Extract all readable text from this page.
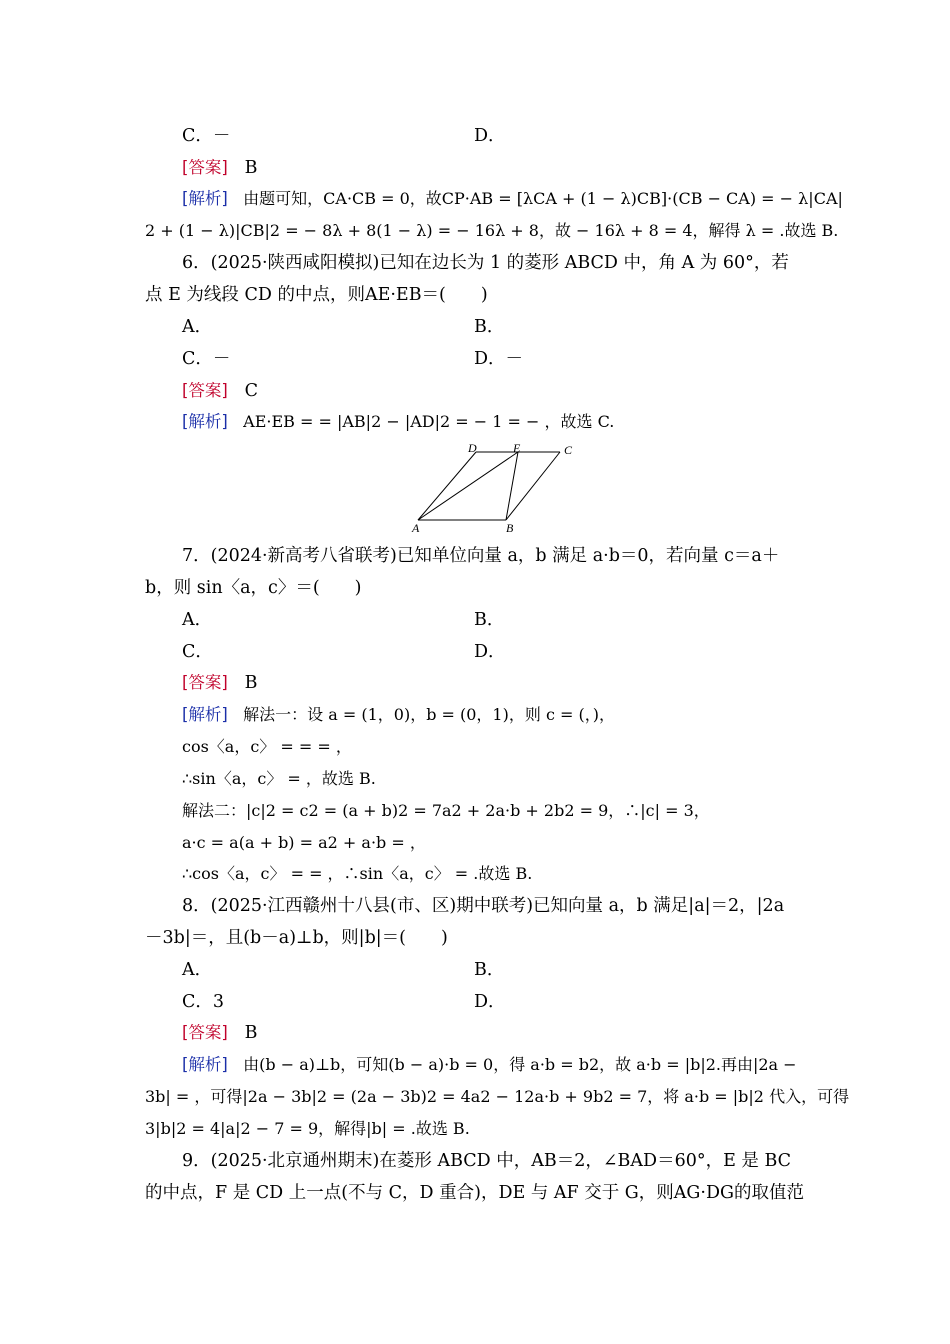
C．－	D．
[答案] B
[解析] 由题可知，CA·CB = 0，故CP·AB = [λCA + (1 − λ)CB]·(CB − CA) = − λ|CA|
2 + (1 − λ)|CB|2 = − 8λ + 8(1 − λ) = − 16λ + 8，故 − 16λ + 8 = 4，解得 λ = .故选 B.
6．(2025·陕西咸阳模拟)已知在边长为 1 的菱形 ABCD 中，角 A 为 60°，若
点 E 为线段 CD 的中点，则AE·EB＝(　　)
A．	B．
C．－	D．－
[答案] C
[解析] AE·EB = = |AB|2 − |AD|2 = − 1 = − ，故选 C.
A	B
C
D	E
7．(2024·新高考八省联考)已知单位向量 a，b 满足 a·b＝0，若向量 c＝a＋
b，则 sin〈a，c〉＝(　　)
A．	B．
C．	D．
[答案] B
[解析] 解法一：设 a = (1，0)，b = (0，1)，则 c = (，)，
cos〈a，c〉 = = = ，
∴sin〈a，c〉 = ，故选 B.
解法二：|c|2 = c2 = (a + b)2 = 7a2 + 2a·b + 2b2 = 9，∴|c| = 3，
a·c = a(a + b) = a2 + a·b = ，
∴cos〈a，c〉 = = ，∴sin〈a，c〉 = .故选 B.
8．(2025·江西赣州十八县(市、区)期中联考)已知向量 a，b 满足|a|＝2，|2a
－3b|＝，且(b－a)⊥b，则|b|＝(　　)
A．	B．
C．3	D．
[答案] B
[解析] 由(b − a)⊥b，可知(b − a)·b = 0，得 a·b = b2，故 a·b = |b|2.再由|2a −
3b| = ，可得|2a − 3b|2 = (2a − 3b)2 = 4a2 − 12a·b + 9b2 = 7，将 a·b = |b|2 代入，可得
3|b|2 = 4|a|2 − 7 = 9，解得|b| = .故选 B.
9．(2025·北京通州期末)在菱形 ABCD 中，AB＝2，∠BAD＝60°，E 是 BC
的中点，F 是 CD 上一点(不与 C，D 重合)，DE 与 AF 交于 G，则AG·DG的取值范
